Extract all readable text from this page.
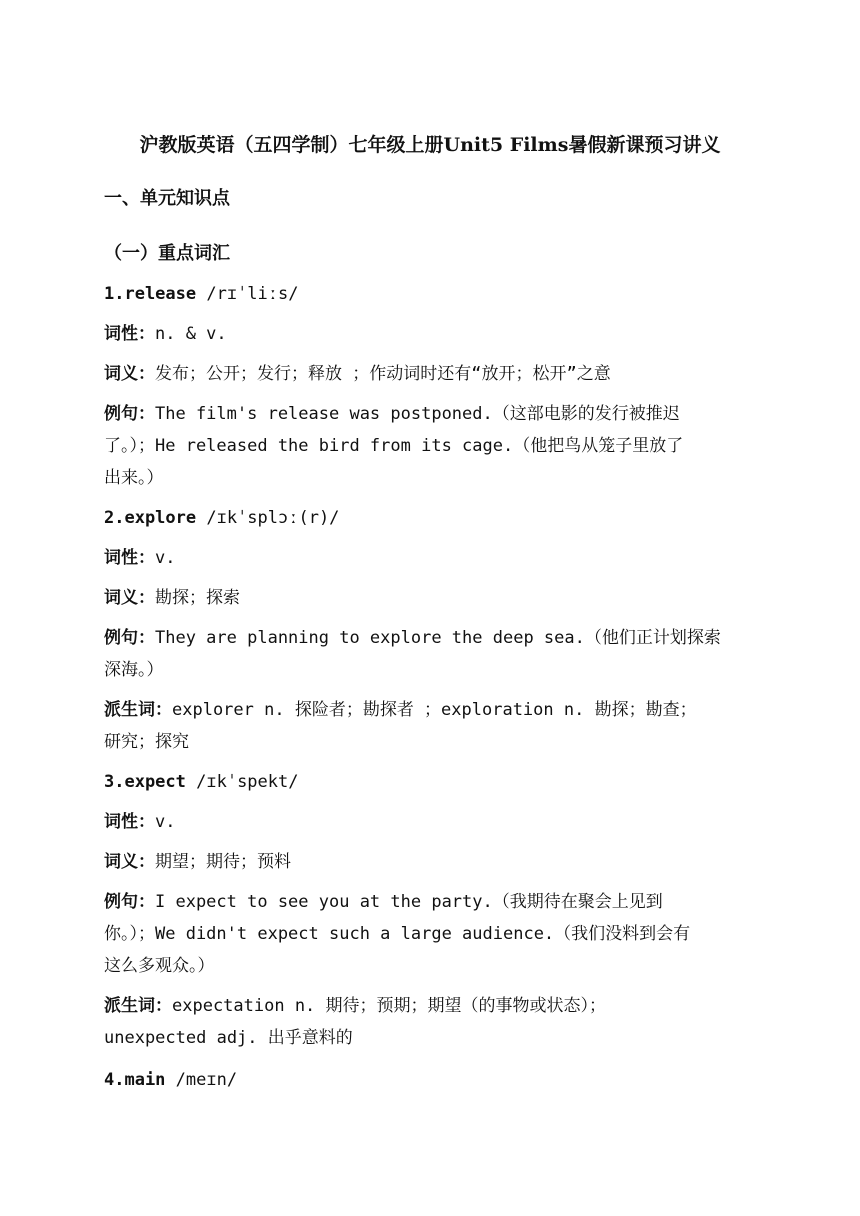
沪教版英语（五四学制）七年级上册Unit5 Films暑假新课预习讲义
一、单元知识点
（一）重点词汇
1.release /rɪˈliːs/
词性：n. & v.
词义：发布；公开；发行；释放 ；作动词时还有“放开；松开”之意
例句：The film's release was postponed.（这部电影的发行被推迟
了。）；He released the bird from its cage.（他把鸟从笼子里放了
出来。）
2.explore /ɪkˈsplɔː(r)/
词性：v.
词义：勘探；探索
例句：They are planning to explore the deep sea.（他们正计划探索
深海。）
派生词：explorer n. 探险者；勘探者 ；exploration n. 勘探；勘查；
研究；探究
3.expect /ɪkˈspekt/
词性：v.
词义：期望；期待；预料
例句：I expect to see you at the party.（我期待在聚会上见到
你。）；We didn't expect such a large audience.（我们没料到会有
这么多观众。）
派生词：expectation n. 期待；预期；期望（的事物或状态）；
unexpected adj. 出乎意料的
4.main /meɪn/
